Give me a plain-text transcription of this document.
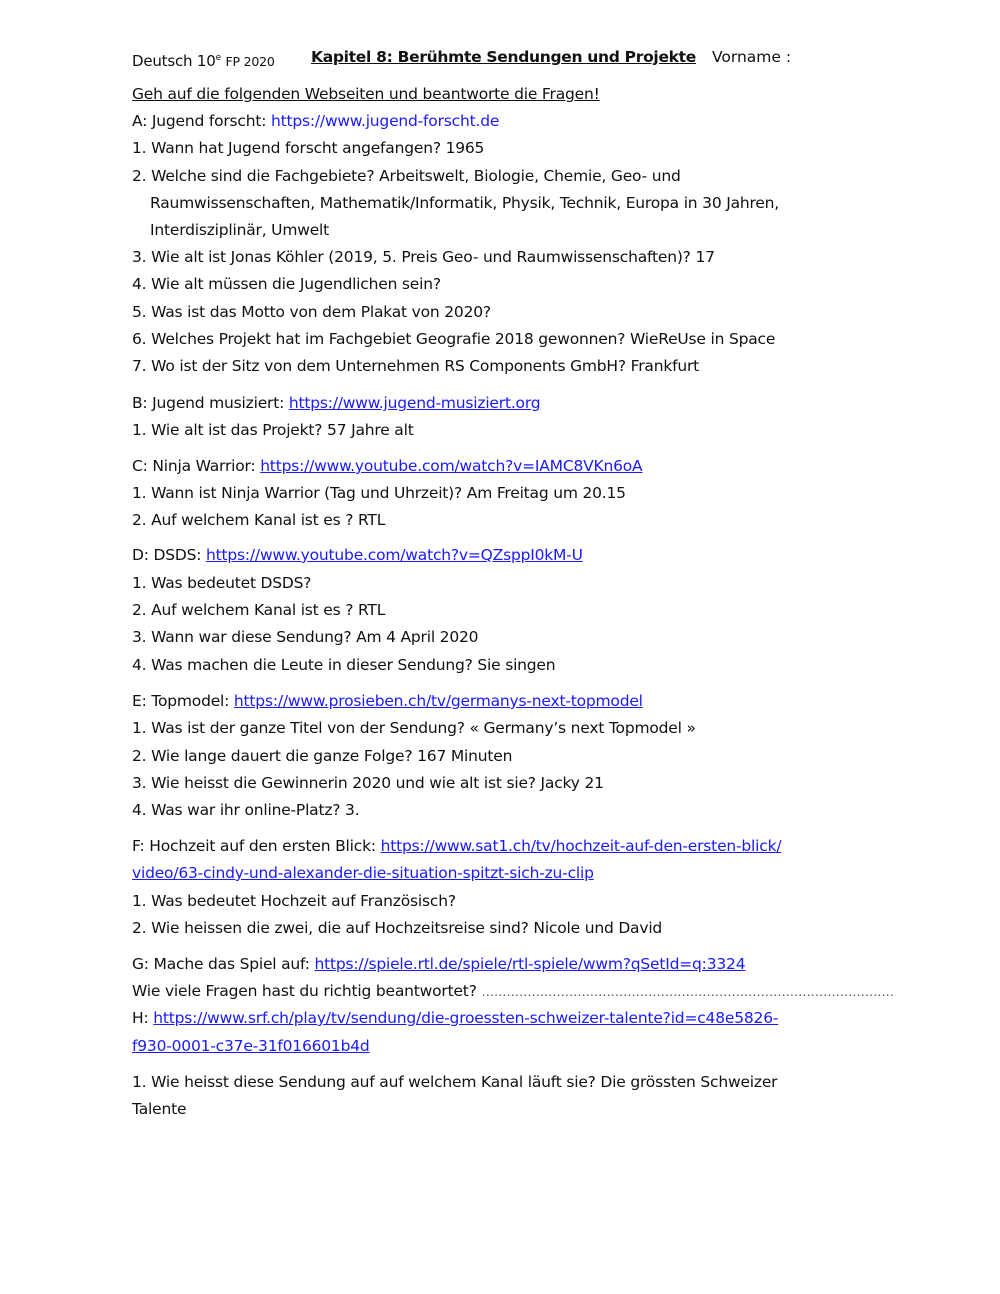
Deutsch 10e FP 2020 Kapitel 8: Berühmte Sendungen und Projekte Vorname :
Geh auf die folgenden Webseiten und beantworte die Fragen!
A: Jugend forscht: https://www.jugend-forscht.de
1. Wann hat Jugend forscht angefangen? 1965
2. Welche sind die Fachgebiete? Arbeitswelt, Biologie, Chemie, Geo- und
Raumwissenschaften, Mathematik/Informatik, Physik, Technik, Europa in 30 Jahren,
Interdisziplinär, Umwelt
3. Wie alt ist Jonas Köhler (2019, 5. Preis Geo- und Raumwissenschaften)? 17
4. Wie alt müssen die Jugendlichen sein?
5. Was ist das Motto von dem Plakat von 2020?
6. Welches Projekt hat im Fachgebiet Geografie 2018 gewonnen? WieReUse in Space
7. Wo ist der Sitz von dem Unternehmen RS Components GmbH? Frankfurt
B: Jugend musiziert: https://www.jugend-musiziert.org
1. Wie alt ist das Projekt? 57 Jahre alt
C: Ninja Warrior: https://www.youtube.com/watch?v=IAMC8VKn6oA
1. Wann ist Ninja Warrior (Tag und Uhrzeit)? Am Freitag um 20.15
2. Auf welchem Kanal ist es ? RTL
D: DSDS: https://www.youtube.com/watch?v=QZsppI0kM-U
1. Was bedeutet DSDS?
2. Auf welchem Kanal ist es ? RTL
3. Wann war diese Sendung? Am 4 April 2020
4. Was machen die Leute in dieser Sendung? Sie singen
E: Topmodel: https://www.prosieben.ch/tv/germanys-next-topmodel
1. Was ist der ganze Titel von der Sendung? « Germany’s next Topmodel »
2. Wie lange dauert die ganze Folge? 167 Minuten
3. Wie heisst die Gewinnerin 2020 und wie alt ist sie? Jacky 21
4. Was war ihr online-Platz? 3.
F: Hochzeit auf den ersten Blick: https://www.sat1.ch/tv/hochzeit-auf-den-ersten-blick/
video/63-cindy-und-alexander-die-situation-spitzt-sich-zu-clip
1. Was bedeutet Hochzeit auf Französisch?
2. Wie heissen die zwei, die auf Hochzeitsreise sind? Nicole und David
G: Mache das Spiel auf: https://spiele.rtl.de/spiele/rtl-spiele/wwm?qSetId=q:3324
Wie viele Fragen hast du richtig beantwortet? ………………………………………………………………………………………
H: https://www.srf.ch/play/tv/sendung/die-groessten-schweizer-talente?id=c48e5826-
f930-0001-c37e-31f016601b4d
1. Wie heisst diese Sendung auf auf welchem Kanal läuft sie? Die grössten Schweizer
Talente
